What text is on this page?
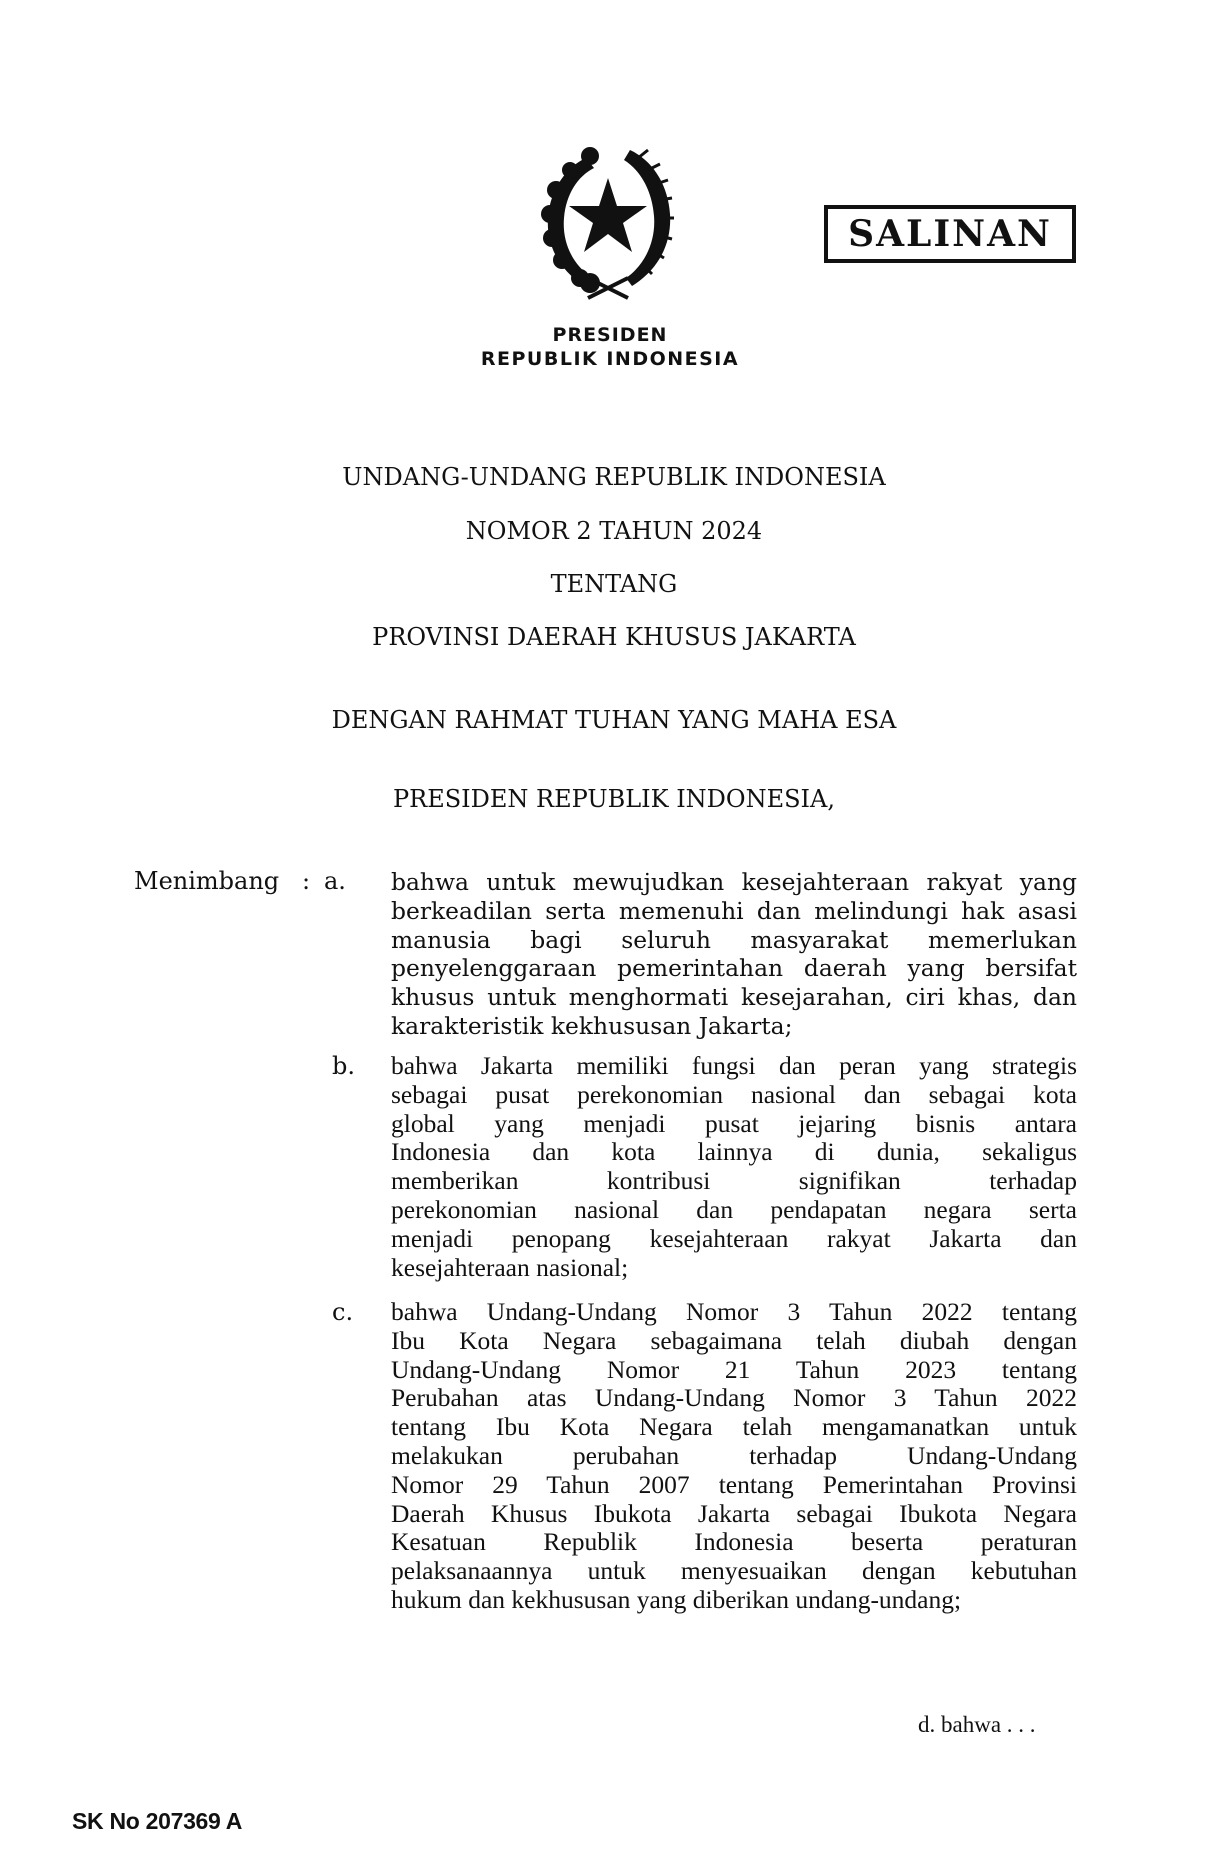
PRESIDEN
REPUBLIK INDONESIA
SALINAN
UNDANG-UNDANG REPUBLIK INDONESIA
NOMOR 2 TAHUN 2024
TENTANG
PROVINSI DAERAH KHUSUS JAKARTA
DENGAN RAHMAT TUHAN YANG MAHA ESA
PRESIDEN REPUBLIK INDONESIA,
Menimbang : a. bahwa untuk mewujudkan kesejahteraan rakyat yang
berkeadilan serta memenuhi dan melindungi hak asasi
manusia bagi seluruh masyarakat memerlukan
penyelenggaraan pemerintahan daerah yang bersifat
khusus untuk menghormati kesejarahan, ciri khas, dan
karakteristik kekhususan Jakarta;
b. bahwa Jakarta memiliki fungsi dan peran yang strategis
sebagai pusat perekonomian nasional dan sebagai kota
global yang menjadi pusat jejaring bisnis antara
Indonesia dan kota lainnya di dunia, sekaligus
memberikan kontribusi signifikan terhadap
perekonomian nasional dan pendapatan negara serta
menjadi penopang kesejahteraan rakyat Jakarta dan
kesejahteraan nasional;
c. bahwa Undang-Undang Nomor 3 Tahun 2022 tentang
Ibu Kota Negara sebagaimana telah diubah dengan
Undang-Undang Nomor 21 Tahun 2023 tentang
Perubahan atas Undang-Undang Nomor 3 Tahun 2022
tentang Ibu Kota Negara telah mengamanatkan untuk
melakukan perubahan terhadap Undang-Undang
Nomor 29 Tahun 2007 tentang Pemerintahan Provinsi
Daerah Khusus Ibukota Jakarta sebagai Ibukota Negara
Kesatuan Republik Indonesia beserta peraturan
pelaksanaannya untuk menyesuaikan dengan kebutuhan
hukum dan kekhususan yang diberikan undang-undang;
d. bahwa . . .
SK No 207369 A
